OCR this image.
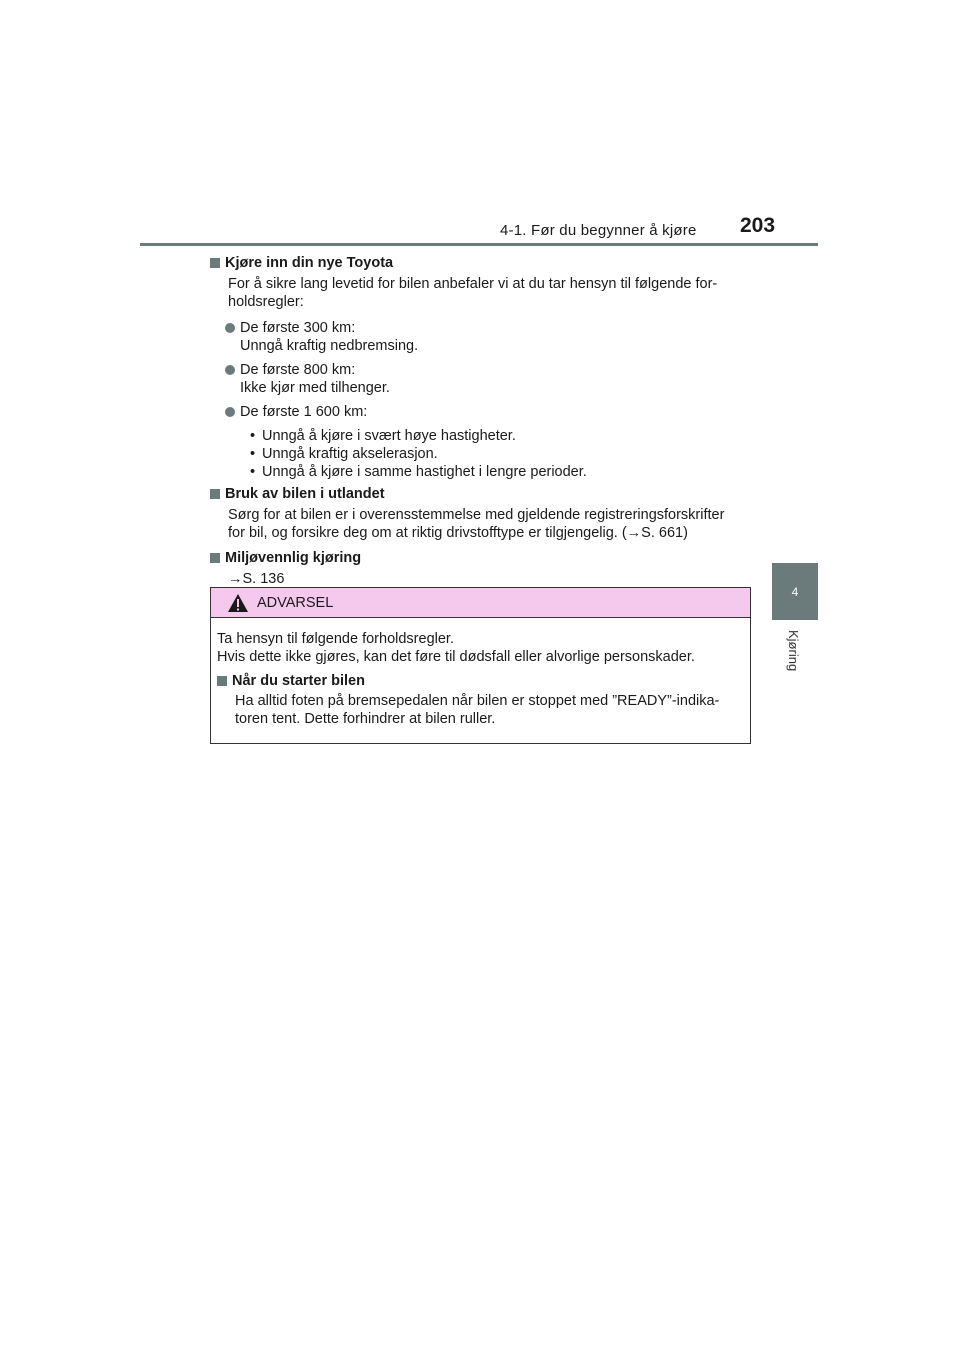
4-1. Før du begynner å kjøre 203
4
Kjøring
Kjøre inn din nye Toyota
For å sikre lang levetid for bilen anbefaler vi at du tar hensyn til følgende for-
holdsregler:
De første 300 km:
Unngå kraftig nedbremsing.
De første 800 km:
Ikke kjør med tilhenger.
De første 1 600 km:
• Unngå å kjøre i svært høye hastigheter.
• Unngå kraftig akselerasjon.
• Unngå å kjøre i samme hastighet i lengre perioder.
Bruk av bilen i utlandet
Sørg for at bilen er i overensstemmelse med gjeldende registreringsforskrifter
for bil, og forsikre deg om at riktig drivstofftype er tilgjengelig. (→S. 661)
Miljøvennlig kjøring
→S. 136
ADVARSEL
Ta hensyn til følgende forholdsregler.
Hvis dette ikke gjøres, kan det føre til dødsfall eller alvorlige personskader.
Når du starter bilen
Ha alltid foten på bremsepedalen når bilen er stoppet med ”READY”-indika-
toren tent. Dette forhindrer at bilen ruller.
